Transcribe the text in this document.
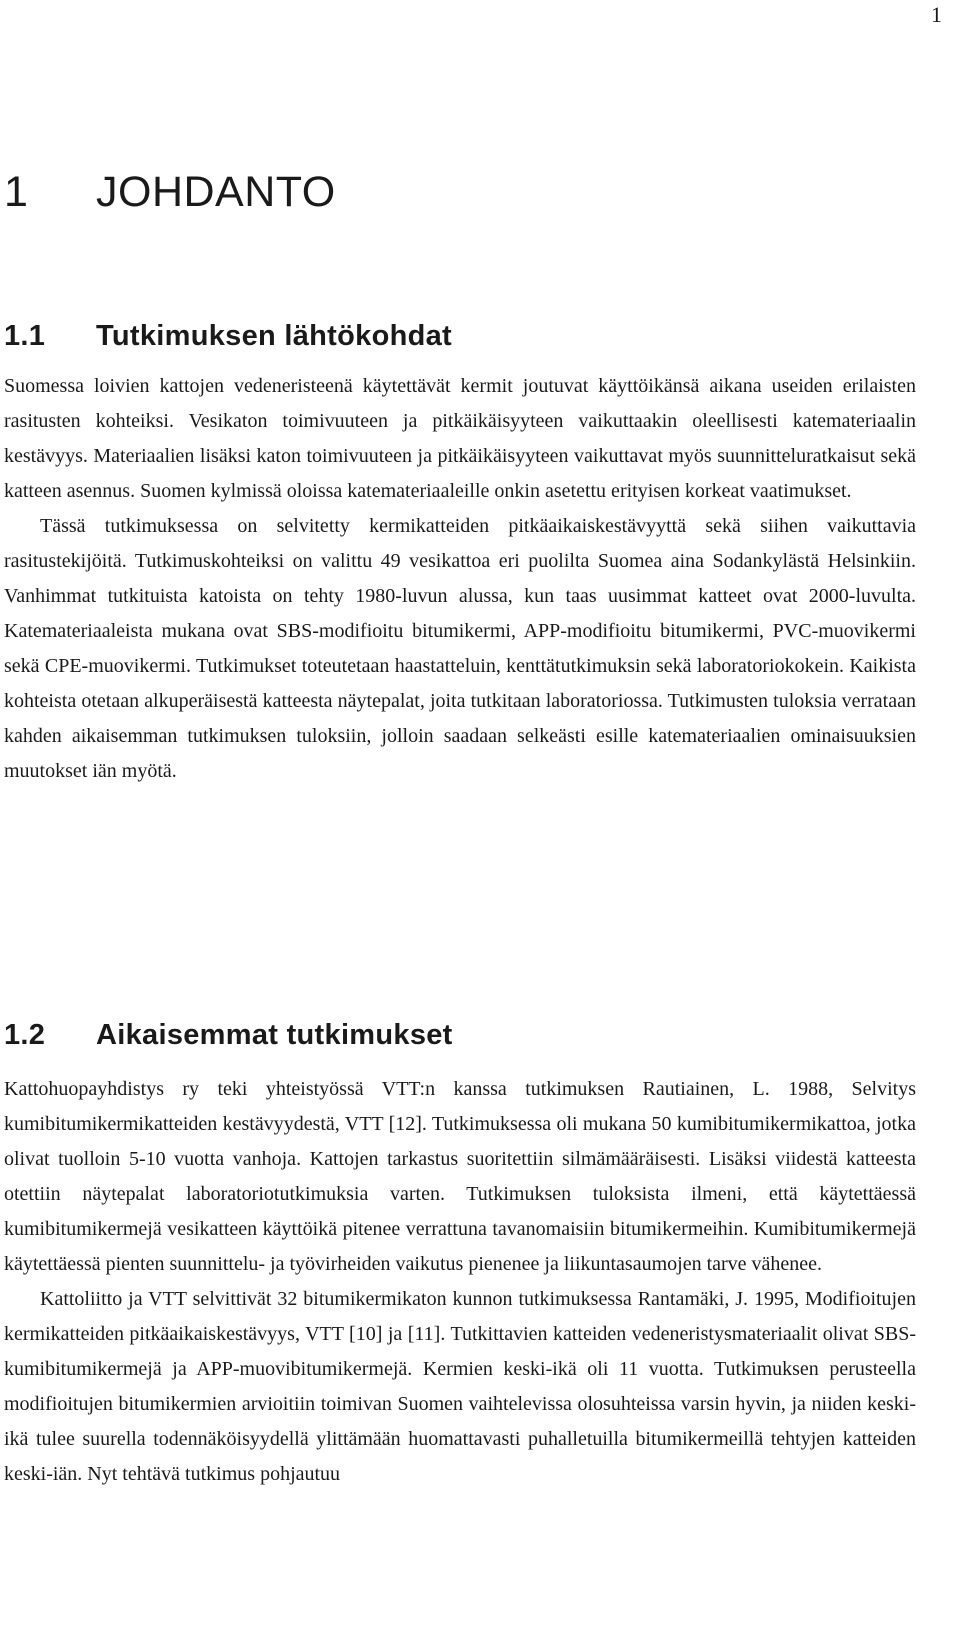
1
1 JOHDANTO
1.1 Tutkimuksen lähtökohdat

Suomessa loivien kattojen vedeneristeenä käytettävät kermit joutuvat käyttöikänsä aikana useiden erilaisten rasitusten kohteiksi. Vesikaton toimivuuteen ja pitkäikäisyyteen vaikuttaakin oleellisesti katemateriaalin kestävyys. Materiaalien lisäksi katon toimivuuteen ja pitkäikäisyyteen vaikuttavat myös suunnitteluratkaisut sekä katteen asennus. Suomen kylmissä oloissa katemateriaaleille onkin asetettu erityisen korkeat vaatimukset.

Tässä tutkimuksessa on selvitetty kermikatteiden pitkäaikaiskestävyyttä sekä siihen vaikuttavia rasitustekijöitä. Tutkimuskohteiksi on valittu 49 vesikattoa eri puolilta Suomea aina Sodankylästä Helsinkiin. Vanhimmat tutkituista katoista on tehty 1980-luvun alussa, kun taas uusimmat katteet ovat 2000-luvulta. Katemateriaaleista mukana ovat SBS-modifioitu bitumikermi, APP-modifioitu bitumikermi, PVC-muovikermi sekä CPE-muovikermi. Tutkimukset toteutetaan haastatteluin, kenttätutkimuksin sekä laboratoriokokein. Kaikista kohteista otetaan alkuperäisestä katteesta näytepalat, joita tutkitaan laboratoriossa. Tutkimusten tuloksia verrataan kahden aikaisemman tutkimuksen tuloksiin, jolloin saadaan selkeästi esille katemateriaalien ominaisuuksien muutokset iän myötä.

1.2 Aikaisemmat tutkimukset

Kattohuopayhdistys ry teki yhteistyössä VTT:n kanssa tutkimuksen Rautiainen, L. 1988, Selvitys kumibitumikermikatteiden kestävyydestä, VTT [12]. Tutkimuksessa oli mukana 50 kumibitumikermikattoa, jotka olivat tuolloin 5-10 vuotta vanhoja. Kattojen tarkastus suoritettiin silmämääräisesti. Lisäksi viidestä katteesta otettiin näytepalat laboratoriotutkimuksia varten. Tutkimuksen tuloksista ilmeni, että käytettäessä kumibitumikermejä vesikatteen käyttöikä pitenee verrattuna tavanomaisiin bitumikermeihin. Kumibitumikermejä käytettäessä pienten suunnittelu- ja työvirheiden vaikutus pienenee ja liikuntasaumojen tarve vähenee.

Kattoliitto ja VTT selvittivät 32 bitumikermikaton kunnon tutkimuksessa Rantamäki, J. 1995, Modifioitujen kermikatteiden pitkäaikaiskestävyys, VTT [10] ja [11]. Tutkittavien katteiden vedeneristysmateriaalit olivat SBS-kumibitumikermejä ja APP-muovibitumikermejä. Kermien keski-ikä oli 11 vuotta. Tutkimuksen perusteella modifioitujen bitumikermien arvioitiin toimivan Suomen vaihtelevissa olosuhteissa varsin hyvin, ja niiden keski-ikä tulee suurella todennäköisyydellä ylittämään huomattavasti puhalletuilla bitumikermeillä tehtyjen katteiden keski-iän. Nyt tehtävä tutkimus pohjautuu
